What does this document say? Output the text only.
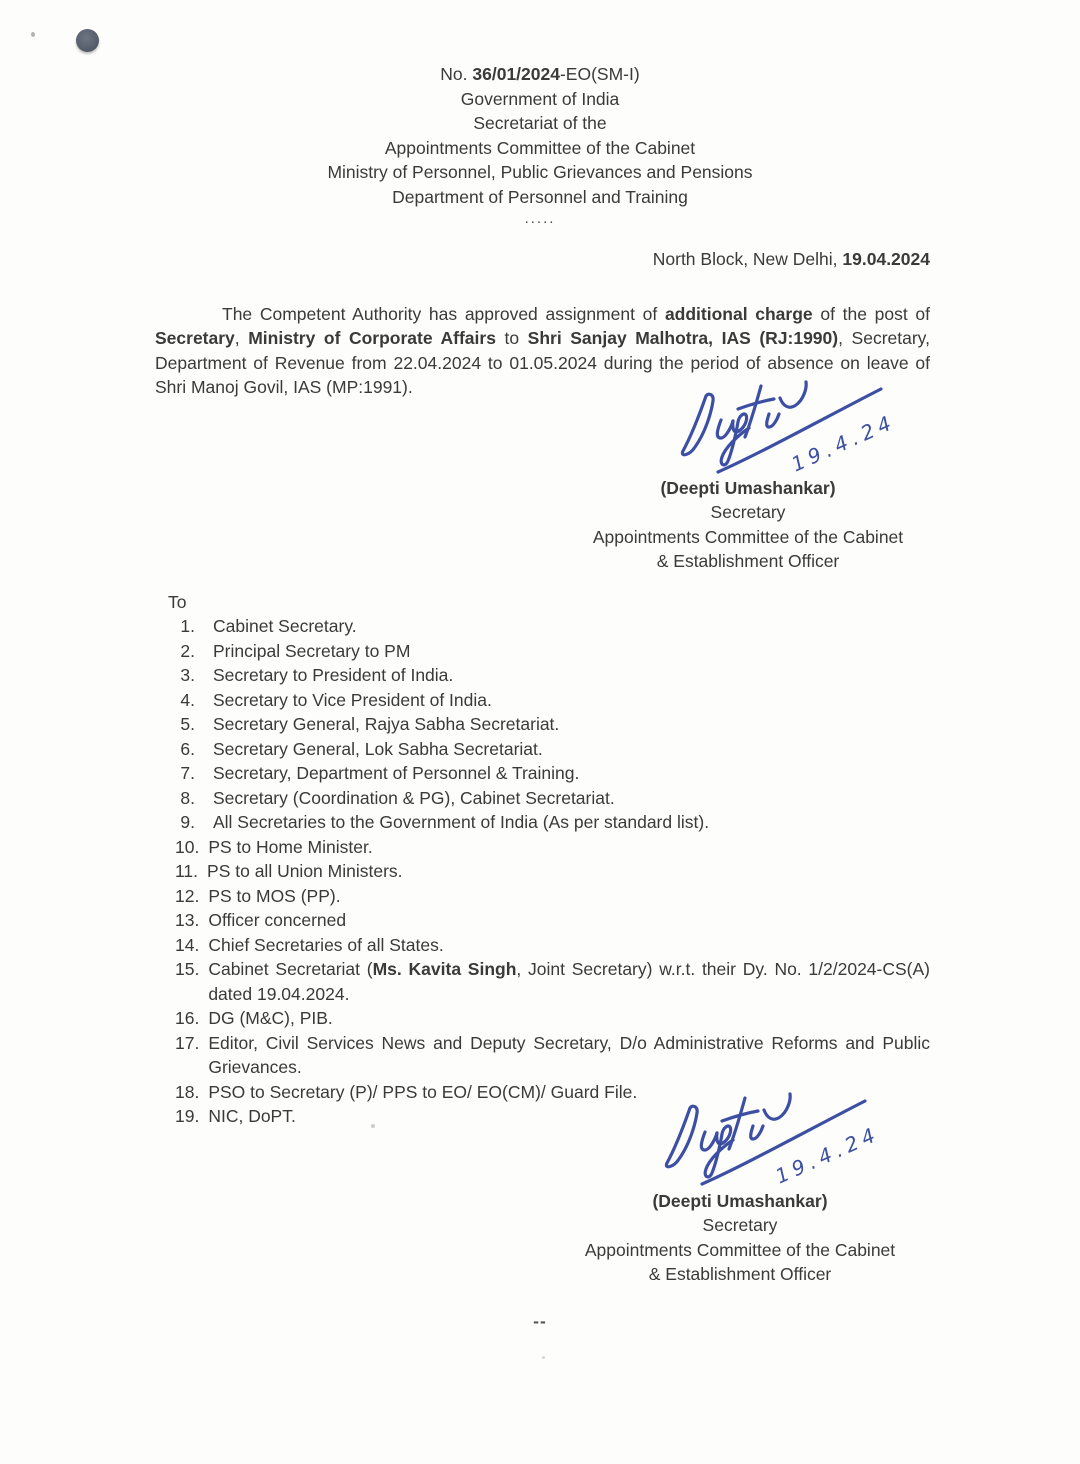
No. 36/01/2024-EO(SM-I)
Government of India
Secretariat of the
Appointments Committee of the Cabinet
Ministry of Personnel, Public Grievances and Pensions
Department of Personnel and Training
.....
North Block, New Delhi, 19.04.2024
The Competent Authority has approved assignment of additional charge of the post of Secretary, Ministry of Corporate Affairs to Shri Sanjay Malhotra, IAS (RJ:1990), Secretary, Department of Revenue from 22.04.2024 to 01.05.2024 during the period of absence on leave of Shri Manoj Govil, IAS (MP:1991).
(Deepti Umashankar)
Secretary
Appointments Committee of the Cabinet
& Establishment Officer
To
1.	Cabinet Secretary.
2.	Principal Secretary to PM
3.	Secretary to President of India.
4.	Secretary to Vice President of India.
5.	Secretary General, Rajya Sabha Secretariat.
6.	Secretary General, Lok Sabha Secretariat.
7.	Secretary, Department of Personnel & Training.
8.	Secretary (Coordination & PG), Cabinet Secretariat.
9.	All Secretaries to the Government of India (As per standard list).
10. PS to Home Minister.
11. PS to all Union Ministers.
12. PS to MOS (PP).
13. Officer concerned
14. Chief Secretaries of all States.
15. Cabinet Secretariat (Ms. Kavita Singh, Joint Secretary) w.r.t. their Dy. No. 1/2/2024-CS(A) dated 19.04.2024.
16. DG (M&C), PIB.
17. Editor, Civil Services News and Deputy Secretary, D/o Administrative Reforms and Public Grievances.
18. PSO to Secretary (P)/ PPS to EO/ EO(CM)/ Guard File.
19. NIC, DoPT.
(Deepti Umashankar)
Secretary
Appointments Committee of the Cabinet
& Establishment Officer
--
